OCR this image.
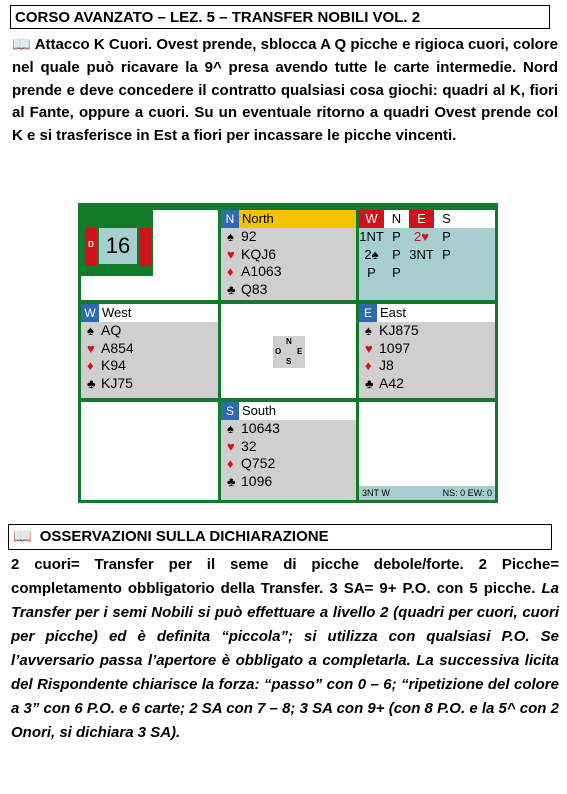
CORSO AVANZATO – LEZ. 5 – TRANSFER NOBILI VOL. 2
📖 Attacco K Cuori. Ovest prende, sblocca A Q picche e rigioca cuori, colore nel quale può ricavare la 9^ presa avendo tutte le carte intermedie. Nord prende e deve concedere il contratto qualsiasi cosa giochi: quadri al K, fiori al Fante, oppure a cuori. Su un eventuale ritorno a quadri Ovest prende col K e si trasferisce in Est a fiori per incassare le picche vincenti.
D 16
N North
♠ 92
♥ KQJ6
♦ A1063
♣ Q83
W N E S
1NT P 2♥ P
2♠ P 3NT P
P P
W West
♠ AQ
♥ A854
♦ K94
♣ KJ75
N
O E
S
E East
♠ KJ875
♥ 1097
♦ J8
♣ A42
S South
♠ 10643
♥ 32
♦ Q752
♣ 1096
3NT W	NS: 0 EW: 0
📖 OSSERVAZIONI SULLA DICHIARAZIONE
2 cuori= Transfer per il seme di picche debole/forte. 2 Picche= completamento obbligatorio della Transfer. 3 SA= 9+ P.O. con 5 picche. La Transfer per i semi Nobili si può effettuare a livello 2 (quadri per cuori, cuori per picche) ed è definita “piccola”; si utilizza con qualsiasi P.O. Se l’avversario passa l’apertore è obbligato a completarla. La successiva licita del Rispondente chiarisce la forza: “passo” con 0 – 6; “ripetizione del colore a 3” con 6 P.O. e 6 carte; 2 SA con 7 – 8; 3 SA con 9+ (con 8 P.O. e la 5^ con 2 Onori, si dichiara 3 SA).
